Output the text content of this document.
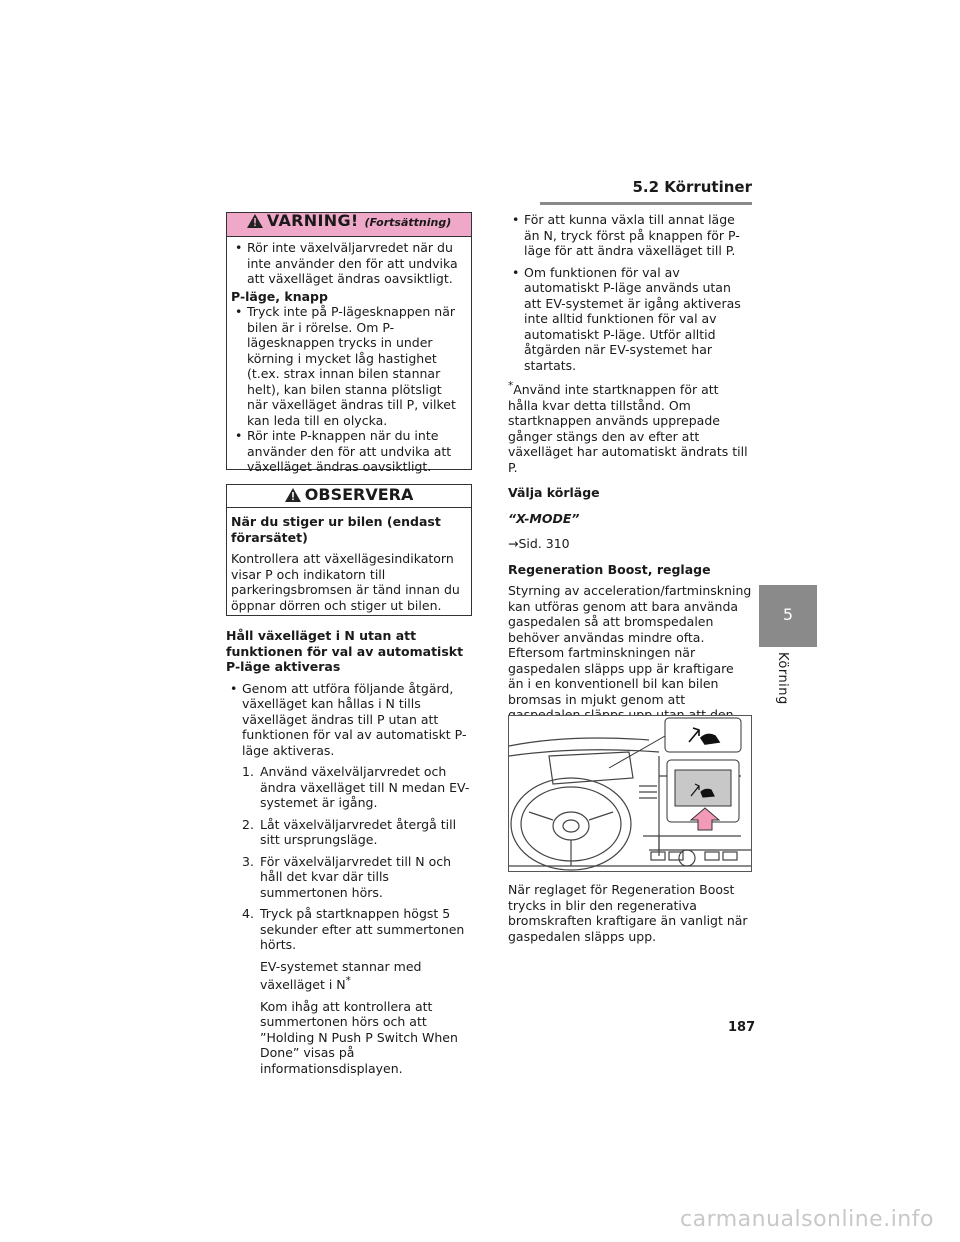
5.2 Körrutiner
5
Körning
VARNING! (Fortsättning)
• Rör inte växelväljarvredet när du inte använder den för att undvika att växelläget ändras oavsiktligt.
P-läge, knapp
• Tryck inte på P-lägesknappen när bilen är i rörelse. Om P-lägesknappen trycks in under körning i mycket låg hastighet (t.ex. strax innan bilen stannar helt), kan bilen stanna plötsligt när växelläget ändras till P, vilket kan leda till en olycka.
• Rör inte P-knappen när du inte använder den för att undvika att växelläget ändras oavsiktligt.
OBSERVERA
När du stiger ur bilen (endast förarsätet)
Kontrollera att växellägesindikatorn visar P och indikatorn till parkeringsbromsen är tänd innan du öppnar dörren och stiger ut bilen.
Håll växelläget i N utan att funktionen för val av automatiskt P-läge aktiveras
• Genom att utföra följande åtgärd, växelläget kan hållas i N tills växelläget ändras till P utan att funktionen för val av automatiskt P-läge aktiveras.
1. Använd växelväljarvredet och ändra växelläget till N medan EV-systemet är igång.
2. Låt växelväljarvredet återgå till sitt ursprungsläge.
3. För växelväljarvredet till N och håll det kvar där tills summertonen hörs.
4. Tryck på startknappen högst 5 sekunder efter att summertonen hörts.
EV-systemet stannar med växelläget i N*
Kom ihåg att kontrollera att summertonen hörs och att ”Holding N Push P Switch When Done” visas på informationsdisplayen.
• För att kunna växla till annat läge än N, tryck först på knappen för P-läge för att ändra växelläget till P.
• Om funktionen för val av automatiskt P-läge används utan att EV-systemet är igång aktiveras inte alltid funktionen för val av automatiskt P-läge. Utför alltid åtgärden när EV-systemet har startats.
*Använd inte startknappen för att hålla kvar detta tillstånd. Om startknappen används upprepade gånger stängs den av efter att växelläget har automatiskt ändrats till P.
Välja körläge
“X-MODE”
→Sid. 310
Regeneration Boost, reglage
Styrning av acceleration/fartminskning kan utföras genom att bara använda gaspedalen så att bromspedalen behöver användas mindre ofta. Eftersom fartminskningen när gaspedalen släpps upp är kraftigare än i en konventionell bil kan bilen bromsas in mjukt genom att
När reglaget för Regeneration Boost trycks in blir den regenerativa bromskraften kraftigare än vanligt när gaspedalen släpps upp.
187
carmanualsonline.info
